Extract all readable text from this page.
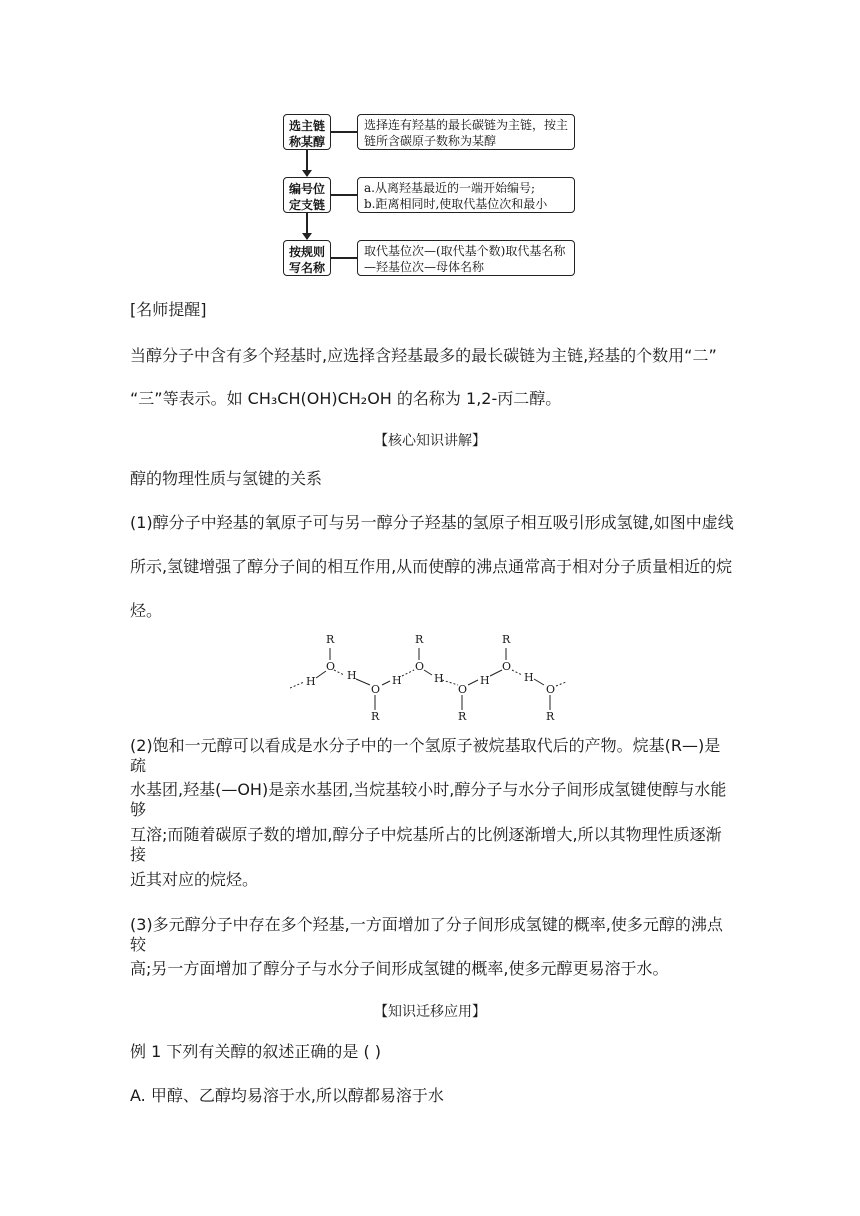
选主链称某醇
选择连有羟基的最长碳链为主链，按主链所含碳原子数称为某醇
编号位定支链
a.从离羟基最近的一端开始编号;
b.距离相同时,使取代基位次和最小
按规则写名称
取代基位次—(取代基个数)取代基名称—羟基位次—母体名称
[名师提醒]
当醇分子中含有多个羟基时,应选择含羟基最多的最长碳链为主链,羟基的个数用“二”
“三”等表示。如 CH₃CH(OH)CH₂OH 的名称为 1,2-丙二醇。
【核心知识讲解】
醇的物理性质与氢键的关系
(1)醇分子中羟基的氧原子可与另一醇分子羟基的氢原子相互吸引形成氢键,如图中虚线
所示,氢键增强了醇分子间的相互作用,从而使醇的沸点通常高于相对分子质量相近的烷
烃。
R
O
H	H
O
R
H
R
O
H
O
R
H
R
O
H
O
R
(2)饱和一元醇可以看成是水分子中的一个氢原子被烷基取代后的产物。烷基(R—)是疏
水基团,羟基(—OH)是亲水基团,当烷基较小时,醇分子与水分子间形成氢键使醇与水能够
互溶;而随着碳原子数的增加,醇分子中烷基所占的比例逐渐增大,所以其物理性质逐渐接
近其对应的烷烃。
(3)多元醇分子中存在多个羟基,一方面增加了分子间形成氢键的概率,使多元醇的沸点较
高;另一方面增加了醇分子与水分子间形成氢键的概率,使多元醇更易溶于水。
【知识迁移应用】
例 1 下列有关醇的叙述正确的是 ( )
A. 甲醇、乙醇均易溶于水,所以醇都易溶于水
